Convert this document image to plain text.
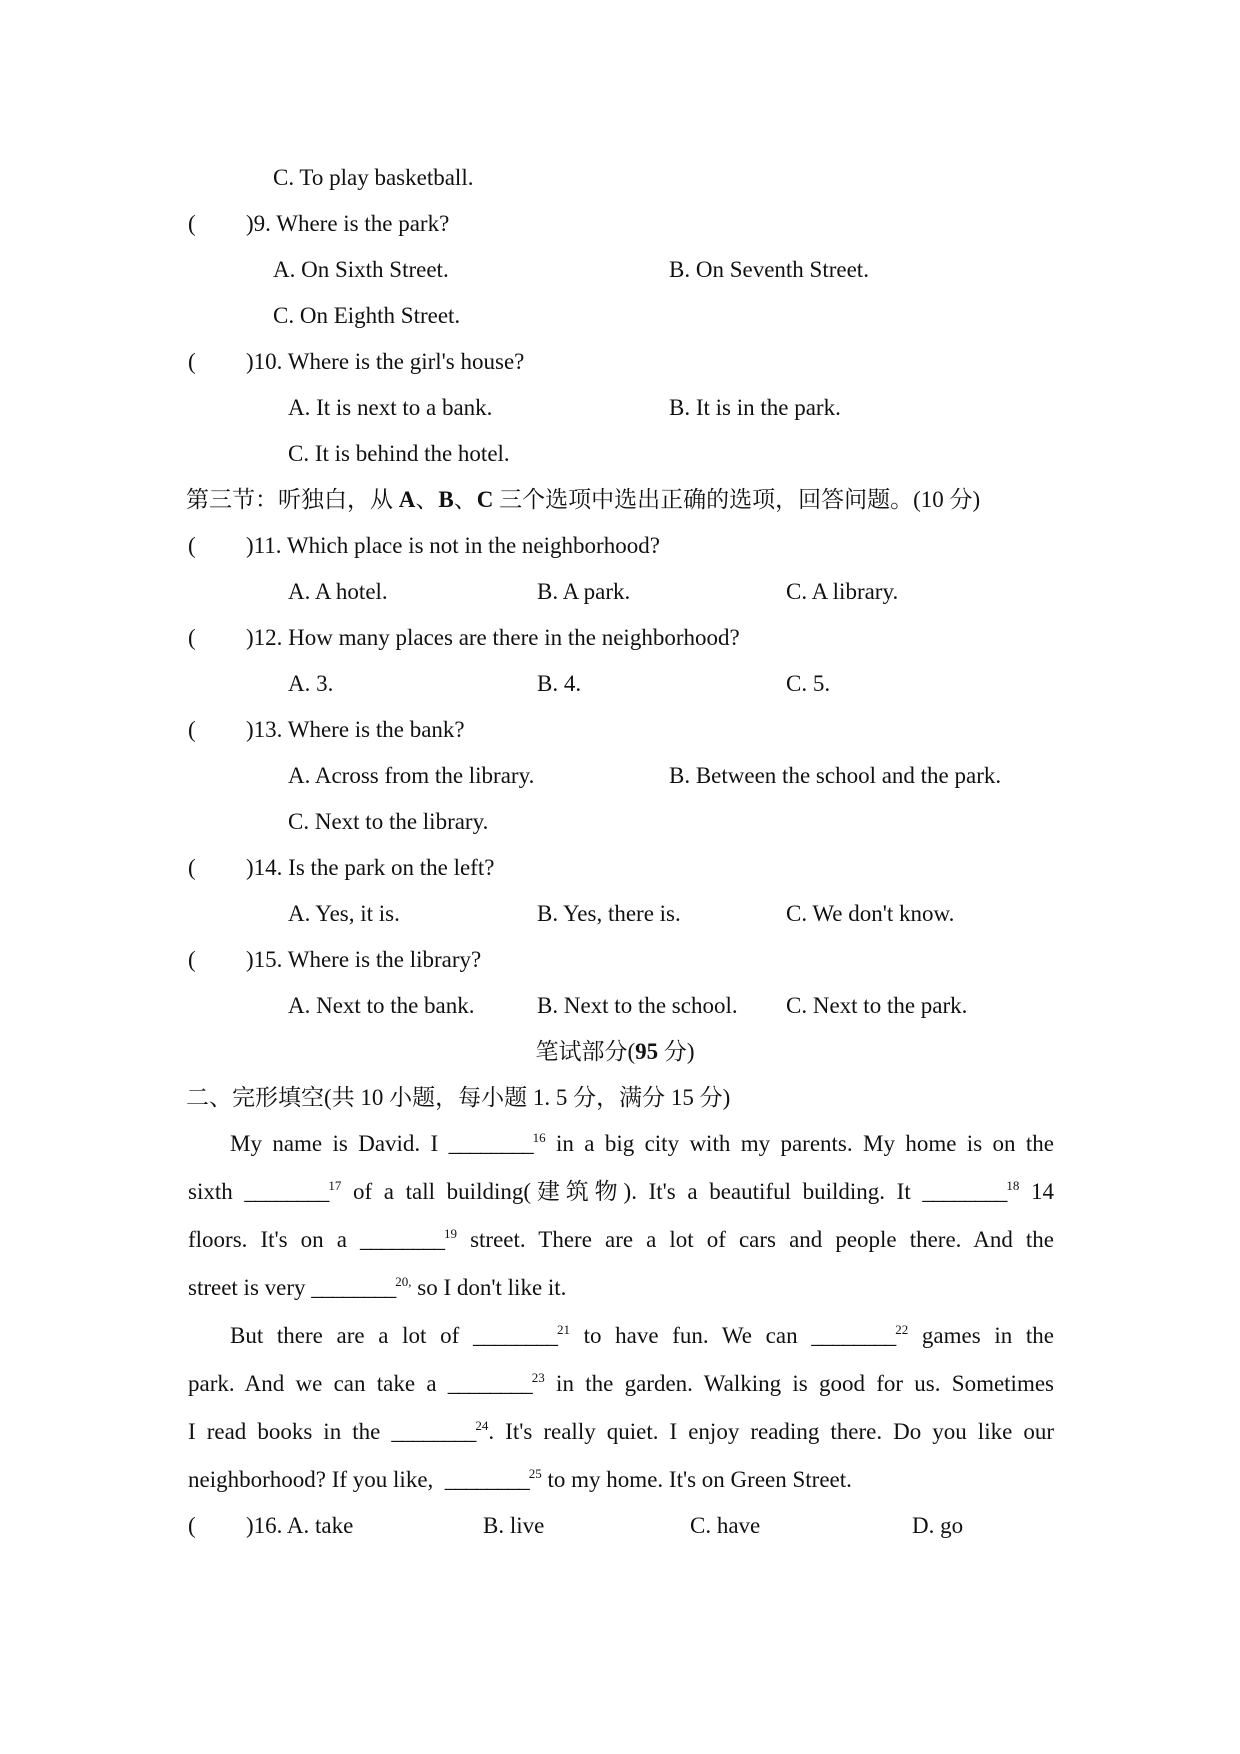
C. To play basketball.
( )9. Where is the park?
A. On Sixth Street.	B. On Seventh Street.
C. On Eighth Street.
( )10. Where is the girl's house?
A. It is next to a bank.	B. It is in the park.
C. It is behind the hotel.
第三节：听独白，从 A、B、C 三个选项中选出正确的选项，回答问题。(10 分)
( )11. Which place is not in the neighborhood?
A. A hotel.	B. A park.	C. A library.
( )12. How many places are there in the neighborhood?
A. 3.	B. 4.	C. 5.
( )13. Where is the bank?
A. Across from the library.	B. Between the school and the park.
C. Next to the library.
( )14. Is the park on the left?
A. Yes, it is.	B. Yes, there is.	C. We don't know.
( )15. Where is the library?
A. Next to the bank.	B. Next to the school. C. Next to the park.
笔试部分(95 分)
二、完形填空(共 10 小题，每小题 1. 5 分，满分 15 分)
My name is David. I ________$^{16}$ in a big city with my parents. My home is on the
sixth ________$^{17}$ of a tall building(建筑物). It's a beautiful building. It ________$^{18}$ 14
floors. It's on a ________$^{19}$ street. There are a lot of cars and people there. And the
street is very ________$^{20,}$ so I don't like it.
But there are a lot of ________$^{21}$ to have fun. We can ________$^{22}$ games in the
park. And we can take a ________$^{23}$ in the garden. Walking is good for us. Sometimes
I read books in the ________$^{24}$. It's really quiet. I enjoy reading there. Do you like our
neighborhood? If you like,  ________$^{25}$ to my home. It's on Green Street.
( )16. A. take	B. live	C. have	D. go
